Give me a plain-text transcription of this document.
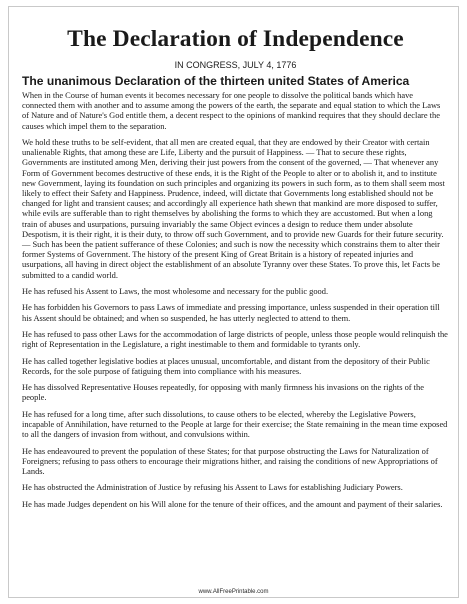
The Declaration of Independence
IN CONGRESS, JULY 4, 1776
The unanimous Declaration of the thirteen united States of America

When in the Course of human events it becomes necessary for one people to dissolve the political bands which have connected them with another and to assume among the powers of the earth, the separate and equal station to which the Laws of Nature and of Nature's God entitle them, a decent respect to the opinions of mankind requires that they should declare the causes which impel them to the separation.

We hold these truths to be self-evident, that all men are created equal, that they are endowed by their Creator with certain unalienable Rights, that among these are Life, Liberty and the pursuit of Happiness. — That to secure these rights, Governments are instituted among Men, deriving their just powers from the consent of the governed, — That whenever any Form of Government becomes destructive of these ends, it is the Right of the People to alter or to abolish it, and to institute new Government, laying its foundation on such principles and organizing its powers in such form, as to them shall seem most likely to effect their Safety and Happiness. Prudence, indeed, will dictate that Governments long established should not be changed for light and transient causes; and accordingly all experience hath shewn that mankind are more disposed to suffer, while evils are sufferable than to right themselves by abolishing the forms to which they are accustomed. But when a long train of abuses and usurpations, pursuing invariably the same Object evinces a design to reduce them under absolute Despotism, it is their right, it is their duty, to throw off such Government, and to provide new Guards for their future security. — Such has been the patient sufferance of these Colonies; and such is now the necessity which constrains them to alter their former Systems of Government. The history of the present King of Great Britain is a history of repeated injuries and usurpations, all having in direct object the establishment of an absolute Tyranny over these States. To prove this, let Facts be submitted to a candid world.

He has refused his Assent to Laws, the most wholesome and necessary for the public good.

He has forbidden his Governors to pass Laws of immediate and pressing importance, unless suspended in their operation till his Assent should be obtained; and when so suspended, he has utterly neglected to attend to them.

He has refused to pass other Laws for the accommodation of large districts of people, unless those people would relinquish the right of Representation in the Legislature, a right inestimable to them and formidable to tyrants only.

He has called together legislative bodies at places unusual, uncomfortable, and distant from the depository of their Public Records, for the sole purpose of fatiguing them into compliance with his measures.

He has dissolved Representative Houses repeatedly, for opposing with manly firmness his invasions on the rights of the people.

He has refused for a long time, after such dissolutions, to cause others to be elected, whereby the Legislative Powers, incapable of Annihilation, have returned to the People at large for their exercise; the State remaining in the mean time exposed to all the dangers of invasion from without, and convulsions within.

He has endeavoured to prevent the population of these States; for that purpose obstructing the Laws for Naturalization of Foreigners; refusing to pass others to encourage their migrations hither, and raising the conditions of new Appropriations of Lands.

He has obstructed the Administration of Justice by refusing his Assent to Laws for establishing Judiciary Powers.

He has made Judges dependent on his Will alone for the tenure of their offices, and the amount and payment of their salaries.

www.AllFreePrintable.com
